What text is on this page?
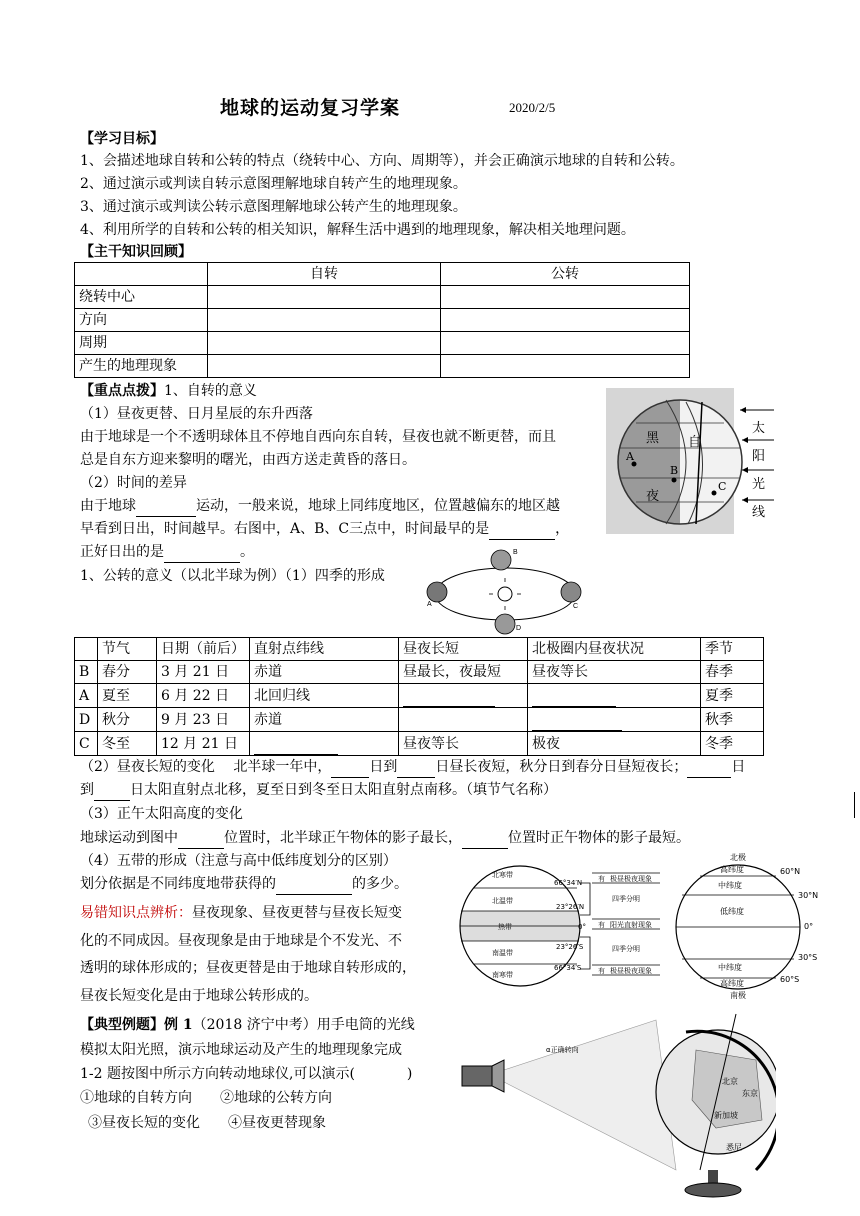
地球的运动复习学案	2020/2/5
【学习目标】
1、会描述地球自转和公转的特点（绕转中心、方向、周期等），并会正确演示地球的自转和公转。
2、通过演示或判读自转示意图理解地球自转产生的地理现象。
3、通过演示或判读公转示意图理解地球公转产生的地理现象。
4、利用所学的自转和公转的相关知识，解释生活中遇到的地理现象，解决相关地理问题。
【主干知识回顾】
	自转	公转
绕转中心		
方向		
周期		
产生的地理现象		
【重点点拨】1、自转的意义
（1）昼夜更替、日月星辰的东升西落
由于地球是一个不透明球体且不停地自西向东自转，昼夜也就不断更替，而且
总是自东方迎来黎明的曙光，由西方送走黄昏的落日。
（2）时间的差异
由于地球	运动，一般来说，地球上同纬度地区，位置越偏东的地区越
早看到日出，时间越早。右图中，A、B、C三点中，时间最早的是	，
正好日出的是	。
1、公转的意义（以北半球为例）（1）四季的形成
黑 自
夜
A
B
C
太
阳
光
线
A
B
C
D
	节气	日期（前后）	直射点纬线	昼夜长短	北极圈内昼夜状况	季节
B	春分	3 月 21 日	赤道	昼最长，夜最短	昼夜等长	春季
A	夏至	6 月 22 日	北回归线			夏季
D	秋分	9 月 23 日	赤道			秋季
C	冬至	12 月 21 日		昼夜等长	极夜	冬季
（2）昼夜长短的变化　 北半球一年中，	日到	日昼长夜短，秋分日到春分日昼短夜长；	日
到	日太阳直射点北移，夏至日到冬至日太阳直射点南移。（填节气名称）
（3）正午太阳高度的变化
地球运动到图中	位置时，北半球正午物体的影子最长，	位置时正午物体的影子最短。
（4）五带的形成（注意与高中低纬度划分的区别）
划分依据是不同纬度地带获得的	的多少。
易错知识点辨析：昼夜现象、昼夜更替与昼夜长短变
化的不同成因。昼夜现象是由于地球是个不发光、不
透明的球体形成的；昼夜更替是由于地球自转形成的，
昼夜长短变化是由于地球公转形成的。
【典型例题】例 1（2018 济宁中考）用手电筒的光线
模拟太阳光照，演示地球运动及产生的地理现象完成
1-2 题按图中所示方向转动地球仪,可以演示(	)
①地球的自转方向　　②地球的公转方向
③昼夜长短的变化　　④昼夜更替现象
北寒带
66°34′N
北温带
23°26′N
热带	0°
23°26′S
南温带
66°34′S
南寒带
有 极昼极夜现象
四季分明
有 阳光直射现象
四季分明
有 极昼极夜现象
北极
高纬度	60°N
中纬度
30°N
低纬度
0°
30°S
中纬度
高纬度	60°S
南极
北京
东京
新加坡
悉尼
α正确转向
